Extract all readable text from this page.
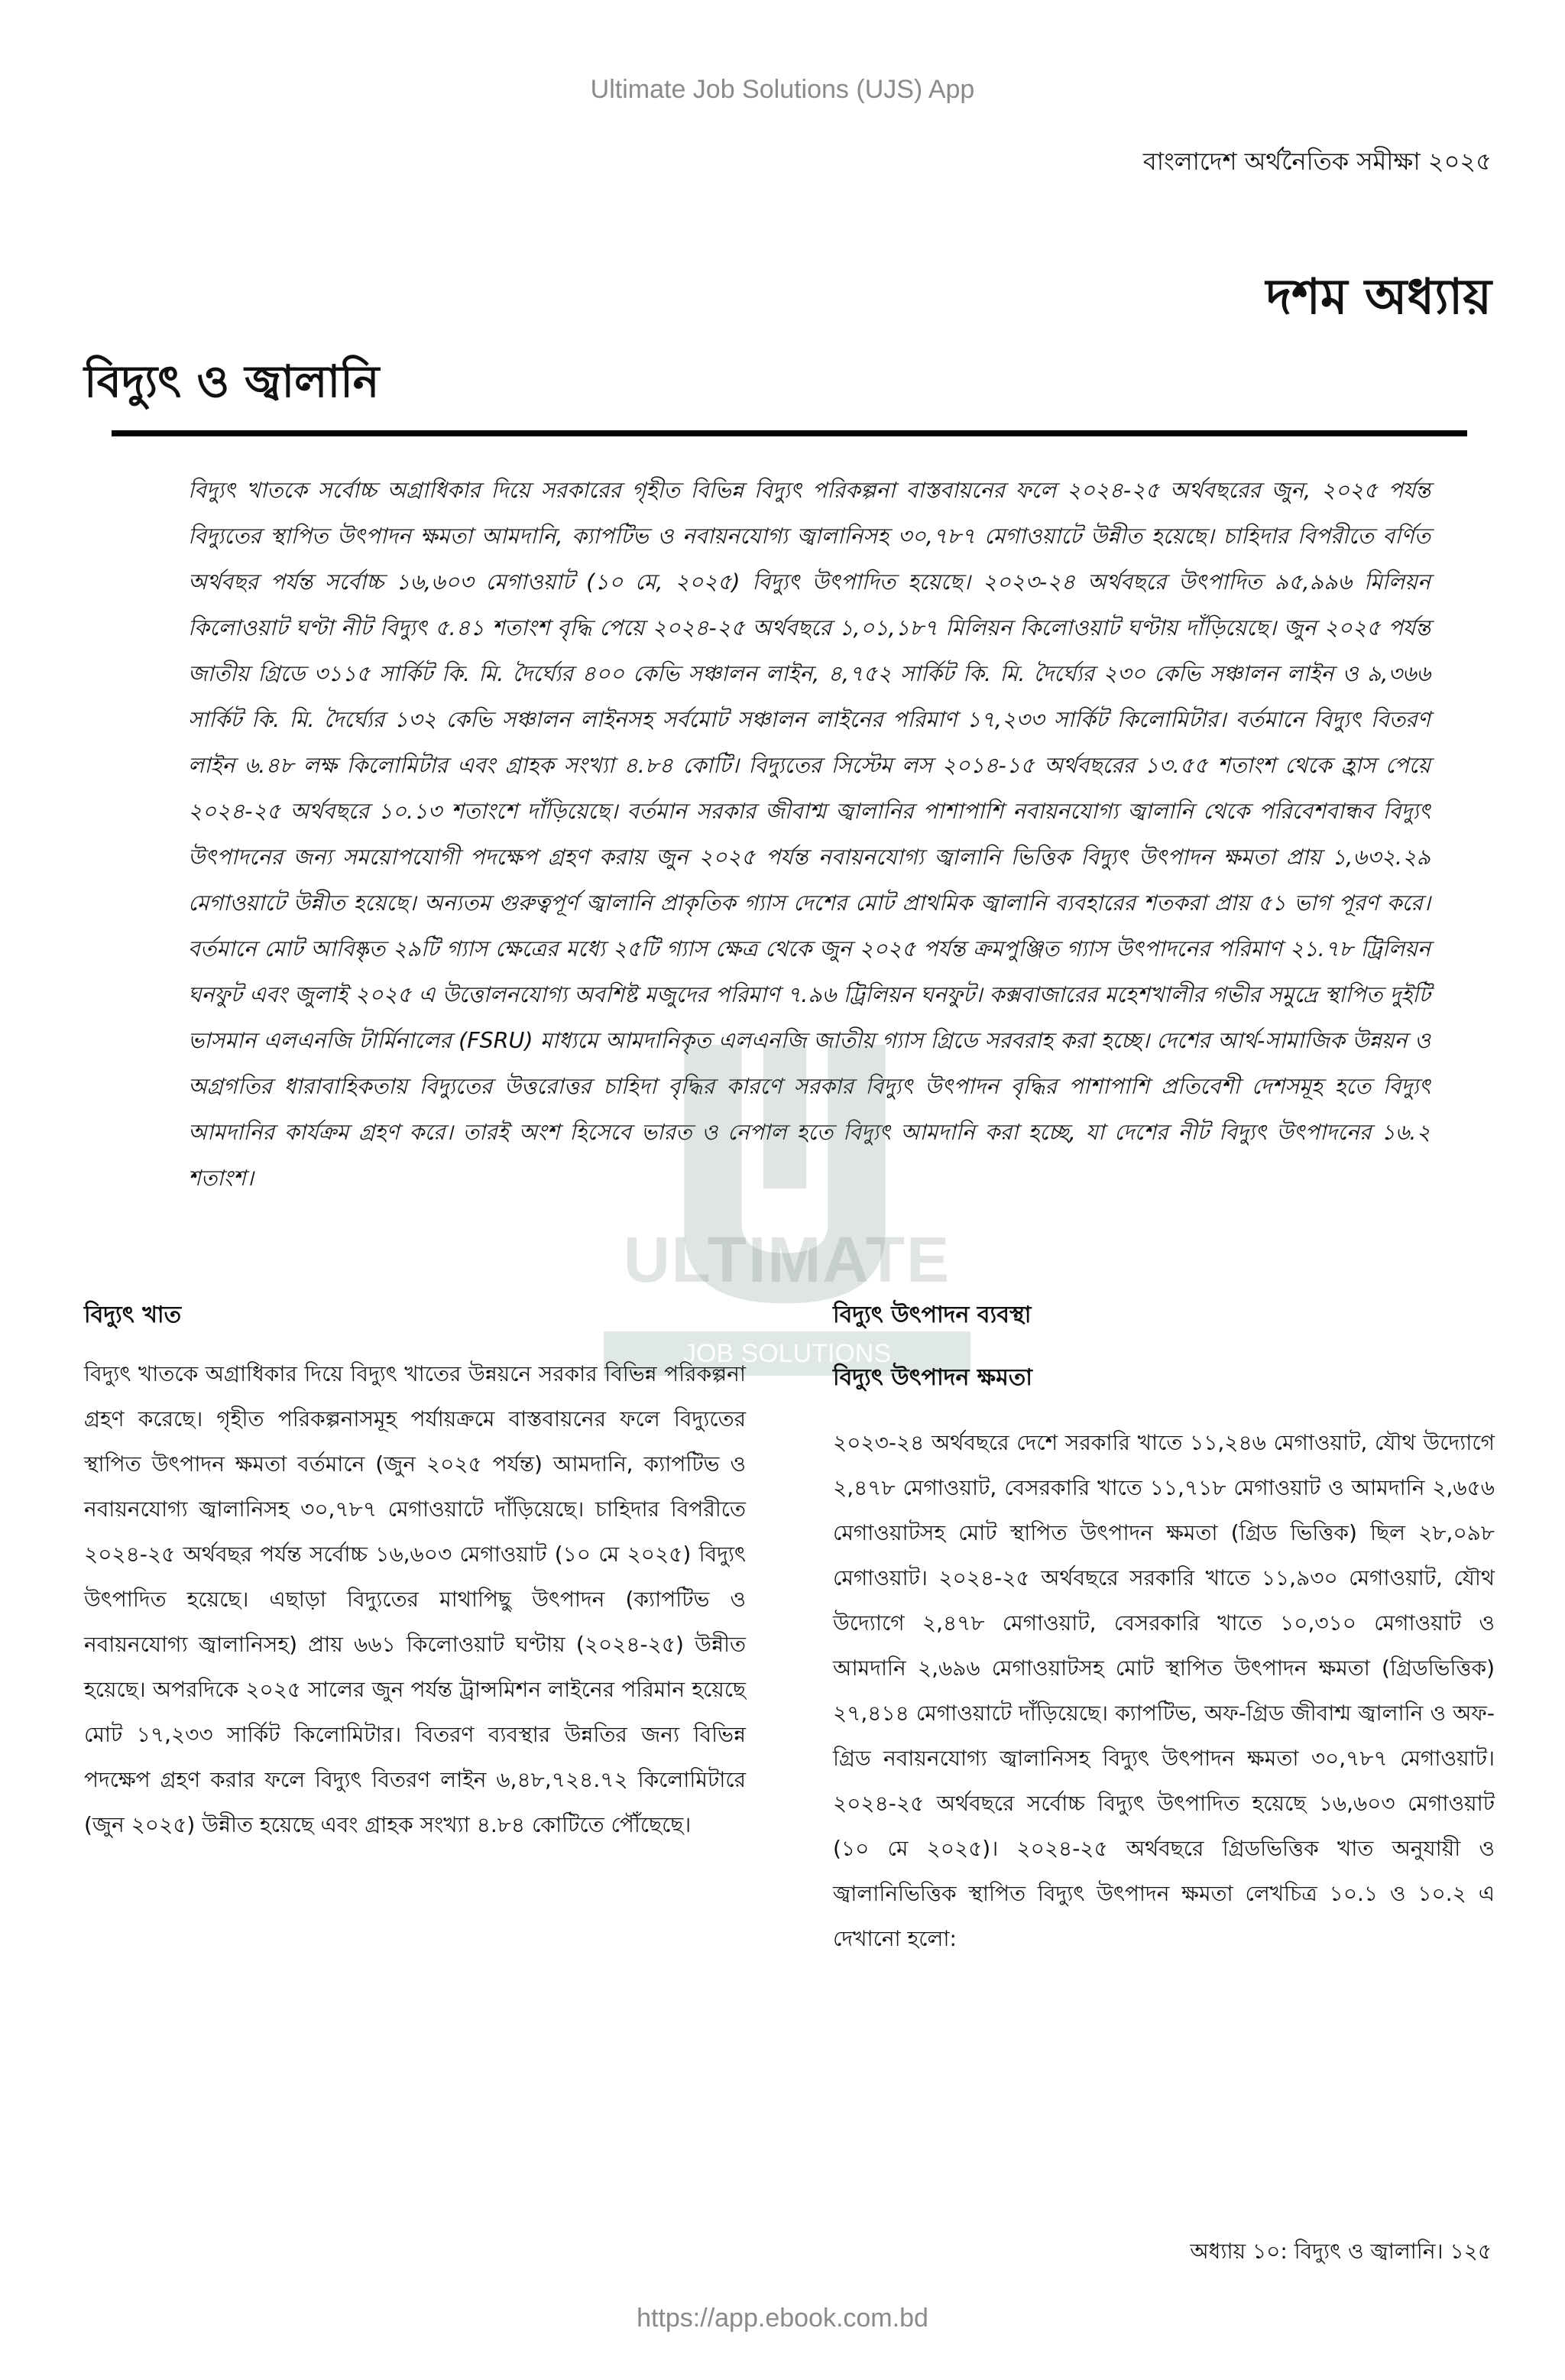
Ultimate Job Solutions (UJS) App
বাংলাদেশ অর্থনৈতিক সমীক্ষা ২০২৫
দশম অধ্যায়
বিদ্যুৎ ও জ্বালানি
বিদ্যুৎ খাতকে সর্বোচ্চ অগ্রাধিকার দিয়ে সরকারের গৃহীত বিভিন্ন বিদ্যুৎ পরিকল্পনা বাস্তবায়নের ফলে ২০২৪-২৫ অর্থবছরের জুন, ২০২৫ পর্যন্ত বিদ্যুতের স্থাপিত উৎপাদন ক্ষমতা আমদানি, ক্যাপটিভ ও নবায়নযোগ্য জ্বালানিসহ ৩০,৭৮৭ মেগাওয়াটে উন্নীত হয়েছে। চাহিদার বিপরীতে বর্ণিত অর্থবছর পর্যন্ত সর্বোচ্চ ১৬,৬০৩ মেগাওয়াট (১০ মে, ২০২৫) বিদ্যুৎ উৎপাদিত হয়েছে। ২০২৩-২৪ অর্থবছরে উৎপাদিত ৯৫,৯৯৬ মিলিয়ন কিলোওয়াট ঘণ্টা নীট বিদ্যুৎ ৫.৪১ শতাংশ বৃদ্ধি পেয়ে ২০২৪-২৫ অর্থবছরে ১,০১,১৮৭ মিলিয়ন কিলোওয়াট ঘণ্টায় দাঁড়িয়েছে। জুন ২০২৫ পর্যন্ত জাতীয় গ্রিডে ৩১১৫ সার্কিট কি. মি. দৈর্ঘ্যের ৪০০ কেভি সঞ্চালন লাইন, ৪,৭৫২ সার্কিট কি. মি. দৈর্ঘ্যের ২৩০ কেভি সঞ্চালন লাইন ও ৯,৩৬৬ সার্কিট কি. মি. দৈর্ঘ্যের ১৩২ কেভি সঞ্চালন লাইনসহ সর্বমোট সঞ্চালন লাইনের পরিমাণ ১৭,২৩৩ সার্কিট কিলোমিটার। বর্তমানে বিদ্যুৎ বিতরণ লাইন ৬.৪৮ লক্ষ কিলোমিটার এবং গ্রাহক সংখ্যা ৪.৮৪ কোটি। বিদ্যুতের সিস্টেম লস ২০১৪-১৫ অর্থবছরের ১৩.৫৫ শতাংশ থেকে হ্রাস পেয়ে ২০২৪-২৫ অর্থবছরে ১০.১৩ শতাংশে দাঁড়িয়েছে। বর্তমান সরকার জীবাশ্ম জ্বালানির পাশাপাশি নবায়নযোগ্য জ্বালানি থেকে পরিবেশবান্ধব বিদ্যুৎ উৎপাদনের জন্য সময়োপযোগী পদক্ষেপ গ্রহণ করায় জুন ২০২৫ পর্যন্ত নবায়নযোগ্য জ্বালানি ভিত্তিক বিদ্যুৎ উৎপাদন ক্ষমতা প্রায় ১,৬৩২.২৯ মেগাওয়াটে উন্নীত হয়েছে। অন্যতম গুরুত্বপূর্ণ জ্বালানি প্রাকৃতিক গ্যাস দেশের মোট প্রাথমিক জ্বালানি ব্যবহারের শতকরা প্রায় ৫১ ভাগ পূরণ করে। বর্তমানে মোট আবিষ্কৃত ২৯টি গ্যাস ক্ষেত্রের মধ্যে ২৫টি গ্যাস ক্ষেত্র থেকে জুন ২০২৫ পর্যন্ত ক্রমপুঞ্জিত গ্যাস উৎপাদনের পরিমাণ ২১.৭৮ ট্রিলিয়ন ঘনফুট এবং জুলাই ২০২৫ এ উত্তোলনযোগ্য অবশিষ্ট মজুদের পরিমাণ ৭.৯৬ ট্রিলিয়ন ঘনফুট। কক্সবাজারের মহেশখালীর গভীর সমুদ্রে স্থাপিত দুইটি ভাসমান এলএনজি টার্মিনালের (FSRU) মাধ্যমে আমদানিকৃত এলএনজি জাতীয় গ্যাস গ্রিডে সরবরাহ করা হচ্ছে। দেশের আর্থ-সামাজিক উন্নয়ন ও অগ্রগতির ধারাবাহিকতায় বিদ্যুতের উত্তরোত্তর চাহিদা বৃদ্ধির কারণে সরকার বিদ্যুৎ উৎপাদন বৃদ্ধির পাশাপাশি প্রতিবেশী দেশসমূহ হতে বিদ্যুৎ আমদানির কার্যক্রম গ্রহণ করে। তারই অংশ হিসেবে ভারত ও নেপাল হতে বিদ্যুৎ আমদানি করা হচ্ছে, যা দেশের নীট বিদ্যুৎ উৎপাদনের ১৬.২ শতাংশ।
ULTIMATE
JOB SOLUTIONS
বিদ্যুৎ খাত
বিদ্যুৎ খাতকে অগ্রাধিকার দিয়ে বিদ্যুৎ খাতের উন্নয়নে সরকার বিভিন্ন পরিকল্পনা গ্রহণ করেছে। গৃহীত পরিকল্পনাসমূহ পর্যায়ক্রমে বাস্তবায়নের ফলে বিদ্যুতের স্থাপিত উৎপাদন ক্ষমতা বর্তমানে (জুন ২০২৫ পর্যন্ত) আমদানি, ক্যাপটিভ ও নবায়নযোগ্য জ্বালানিসহ ৩০,৭৮৭ মেগাওয়াটে দাঁড়িয়েছে। চাহিদার বিপরীতে ২০২৪-২৫ অর্থবছর পর্যন্ত সর্বোচ্চ ১৬,৬০৩ মেগাওয়াট (১০ মে ২০২৫) বিদ্যুৎ উৎপাদিত হয়েছে। এছাড়া বিদ্যুতের মাথাপিছু উৎপাদন (ক্যাপটিভ ও নবায়নযোগ্য জ্বালানিসহ) প্রায় ৬৬১ কিলোওয়াট ঘণ্টায় (২০২৪-২৫) উন্নীত হয়েছে। অপরদিকে ২০২৫ সালের জুন পর্যন্ত ট্রান্সমিশন লাইনের পরিমান হয়েছে মোট ১৭,২৩৩ সার্কিট কিলোমিটার। বিতরণ ব্যবস্থার উন্নতির জন্য বিভিন্ন পদক্ষেপ গ্রহণ করার ফলে বিদ্যুৎ বিতরণ লাইন ৬,৪৮,৭২৪.৭২ কিলোমিটারে (জুন ২০২৫) উন্নীত হয়েছে এবং গ্রাহক সংখ্যা ৪.৮৪ কোটিতে পৌঁছেছে।
বিদ্যুৎ উৎপাদন ব্যবস্থা
বিদ্যুৎ উৎপাদন ক্ষমতা
২০২৩-২৪ অর্থবছরে দেশে সরকারি খাতে ১১,২৪৬ মেগাওয়াট, যৌথ উদ্যোগে ২,৪৭৮ মেগাওয়াট, বেসরকারি খাতে ১১,৭১৮ মেগাওয়াট ও আমদানি ২,৬৫৬ মেগাওয়াটসহ মোট স্থাপিত উৎপাদন ক্ষমতা (গ্রিড ভিত্তিক) ছিল ২৮,০৯৮ মেগাওয়াট। ২০২৪-২৫ অর্থবছরে সরকারি খাতে ১১,৯৩০ মেগাওয়াট, যৌথ উদ্যোগে ২,৪৭৮ মেগাওয়াট, বেসরকারি খাতে ১০,৩১০ মেগাওয়াট ও আমদানি ২,৬৯৬ মেগাওয়াটসহ মোট স্থাপিত উৎপাদন ক্ষমতা (গ্রিডভিত্তিক) ২৭,৪১৪ মেগাওয়াটে দাঁড়িয়েছে। ক্যাপটিভ, অফ-গ্রিড জীবাশ্ম জ্বালানি ও অফ-গ্রিড নবায়নযোগ্য জ্বালানিসহ বিদ্যুৎ উৎপাদন ক্ষমতা ৩০,৭৮৭ মেগাওয়াট। ২০২৪-২৫ অর্থবছরে সর্বোচ্চ বিদ্যুৎ উৎপাদিত হয়েছে ১৬,৬০৩ মেগাওয়াট (১০ মে ২০২৫)। ২০২৪-২৫ অর্থবছরে গ্রিডভিত্তিক খাত অনুযায়ী ও জ্বালানিভিত্তিক স্থাপিত বিদ্যুৎ উৎপাদন ক্ষমতা লেখচিত্র ১০.১ ও ১০.২ এ দেখানো হলো:
অধ্যায় ১০: বিদ্যুৎ ও জ্বালানি। ১২৫
https://app.ebook.com.bd
